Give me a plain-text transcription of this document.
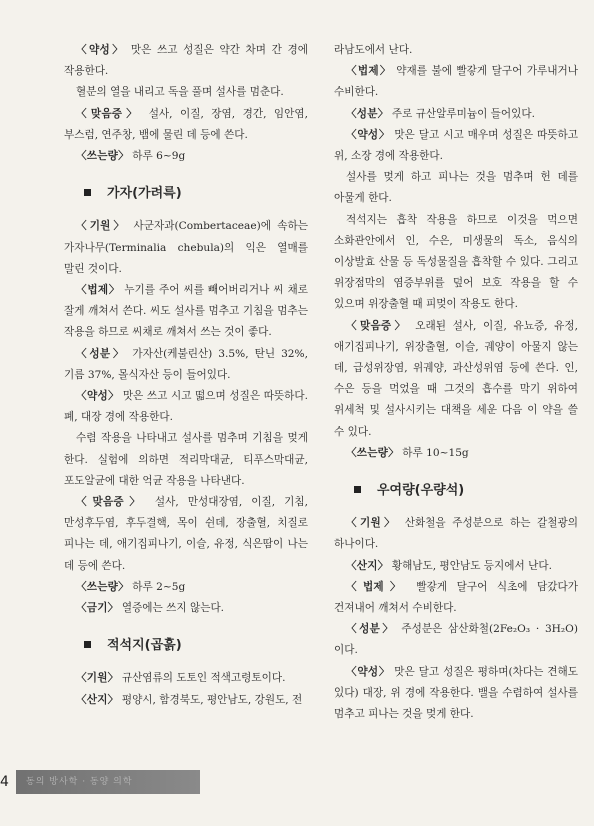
〈약성〉 맛은 쓰고 성질은 약간 차며 간 경에 작용한다.

혈분의 열을 내리고 독을 풀며 설사를 멈춘다.

〈맞음증〉 설사, 이질, 장염, 경간, 임안염, 부스럼, 연주창, 뱀에 물린 데 등에 쓴다.

〈쓰는량〉 하루 6~9g

가자(가려륵)

〈기원〉 사군자과(Combertaceae)에 속하는 가자나무(Terminalia chebula)의 익은 열매를 말린 것이다.

〈법제〉 누기를 주어 씨를 빼어버리거나 씨 채로 잘게 깨쳐서 쓴다. 씨도 설사를 멈추고 기침을 멈추는 작용을 하므로 씨채로 깨쳐서 쓰는 것이 좋다.

〈성분〉 가자산(케불린산) 3.5%, 탄닌 32%, 기름 37%, 몰식자산 등이 들어있다.

〈약성〉 맛은 쓰고 시고 떫으며 성질은 따뜻하다. 폐, 대장 경에 작용한다.

수렴 작용을 나타내고 설사를 멈추며 기침을 멎게 한다. 실험에 의하면 적리막대균, 티푸스막대균, 포도알균에 대한 억균 작용을 나타낸다.

〈맞음증〉 설사, 만성대장염, 이질, 기침, 만성후두염, 후두결핵, 목이 쉰데, 장출혈, 치질로 피나는 데, 애기집피나기, 이슬, 유정, 식은땀이 나는 데 등에 쓴다.

〈쓰는량〉 하루 2~5g

〈금기〉 열증에는 쓰지 않는다.

적석지(곱흙)

〈기원〉 규산염류의 도토인 적색고령토이다.

〈산지〉 평양시, 함경북도, 평안남도, 강원도, 전

라남도에서 난다.

〈법제〉 약재를 불에 빨갛게 달구어 가루내거나 수비한다.

〈성분〉 주로 규산알루미늄이 들어있다.

〈약성〉 맛은 달고 시고 매우며 성질은 따뜻하고 위, 소장 경에 작용한다.

설사를 멎게 하고 피나는 것을 멈추며 헌 데를 아물게 한다.

적석지는 흡착 작용을 하므로 이것을 먹으면 소화관안에서 인, 수은, 미생물의 독소, 음식의 이상발효 산물 등 독성물질을 흡착할 수 있다. 그리고 위장점막의 염증부위를 덮어 보호 작용을 할 수 있으며 위장출혈 때 피멎이 작용도 한다.

〈맞음증〉 오래된 설사, 이질, 유뇨증, 유정, 애기집피나기, 위장출혈, 이슬, 궤양이 아물지 않는 데, 급성위장염, 위궤양, 과산성위염 등에 쓴다. 인, 수은 등을 먹었을 때 그것의 흡수를 막기 위하여 위세척 및 설사시키는 대책을 세운 다음 이 약을 쓸 수 있다.

〈쓰는량〉 하루 10~15g

우여량(우량석)

〈기원〉 산화철을 주성분으로 하는 갈철광의 하나이다.

〈산지〉 황해남도, 평안남도 등지에서 난다.

〈법제〉 빨갛게 달구어 식초에 담갔다가 건져내어 깨쳐서 수비한다.

〈성분〉 주성분은 삼산화철(2Fe₂O₃ · 3H₂O)이다.

〈약성〉 맛은 달고 성질은 평하며(차다는 견해도 있다) 대장, 위 경에 작용한다. 밸을 수렴하여 설사를 멈추고 피나는 것을 멎게 한다.

4	동의 방사학 · 동양 의학
